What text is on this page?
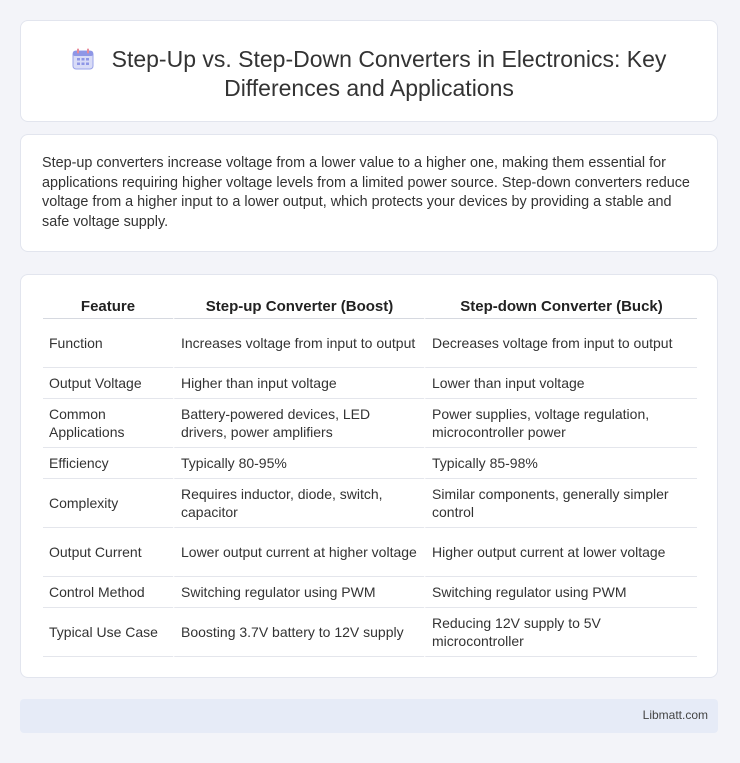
Step-Up vs. Step-Down Converters in Electronics: Key Differences and Applications

Step-up converters increase voltage from a lower value to a higher one, making them essential for applications requiring higher voltage levels from a limited power source. Step-down converters reduce voltage from a higher input to a lower output, which protects your devices by providing a stable and safe voltage supply.

Feature	Step-up Converter (Boost)	Step-down Converter (Buck)
Function	Increases voltage from input to output	Decreases voltage from input to output
Output Voltage	Higher than input voltage	Lower than input voltage
Common Applications	Battery-powered devices, LED drivers, power amplifiers	Power supplies, voltage regulation, microcontroller power
Efficiency	Typically 80-95%	Typically 85-98%
Complexity	Requires inductor, diode, switch, capacitor	Similar components, generally simpler control
Output Current	Lower output current at higher voltage	Higher output current at lower voltage
Control Method	Switching regulator using PWM	Switching regulator using PWM
Typical Use Case	Boosting 3.7V battery to 12V supply	Reducing 12V supply to 5V microcontroller
Libmatt.com
